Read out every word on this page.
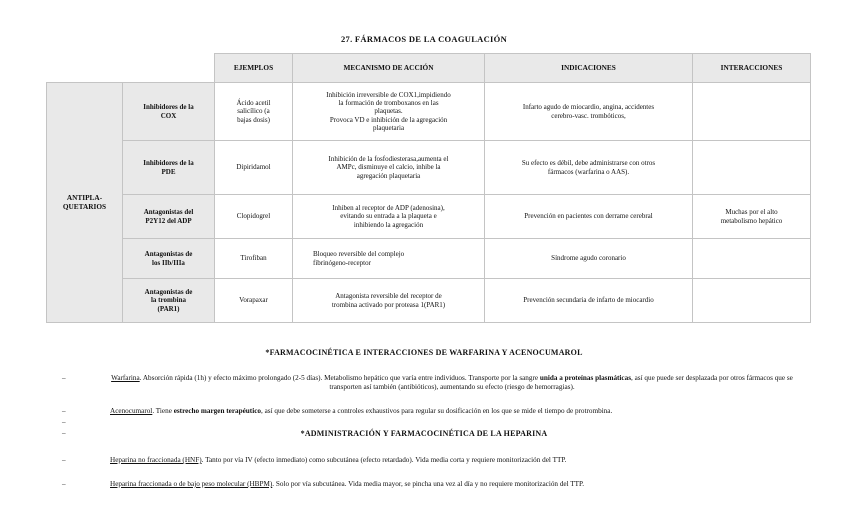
27. FÁRMACOS DE LA COAGULACIÓN
		EJEMPLOS	MECANISMO DE ACCIÓN	INDICACIONES	INTERACCIONES

ANTIPLA-
QUETARIOS	Inhibidores de la
COX	Ácido acetil
salicílico (a
bajas dosis)	Inhibición irreversible de COX1,impidiendo
la formación de tromboxanos en las
plaquetas.
Provoca VD e inhibición de la agregación
plaquetaria	Infarto agudo de miocardio, angina, accidentes
cerebro-vasc. trombóticos,	

	Inhibidores de la
PDE	Dipiridamol	Inhibición de la fosfodiesterasa,aumenta el
AMPc, disminuye el calcio, inhibe la
agregación plaquetaria	Su efecto es débil, debe administrarse con otros
fármacos (warfarina o AAS).	

	Antagonistas del
P2Y12 del ADP	Clopidogrel	Inhiben al receptor de ADP (adenosina),
evitando su entrada a la plaqueta e
inhibiendo la agregación	Prevención en pacientes con derrame cerebral	Muchas por el alto
metabolismo hepático

	Antagonistas de
los IIb/IIIa	Tirofiban	Bloqueo reversible del complejo
fibrinógeno-receptor	Síndrome agudo coronario	

	Antagonistas de
la trombina
(PAR1)	Vorapaxar	Antagonista reversible del receptor de
trombina activado por proteasa 1(PAR1)	Prevención secundaria de infarto de miocardio	

*FARMACOCINÉTICA E INTERACCIONES DE WARFARINA Y ACENOCUMAROL
–	Warfarina. Absorción rápida (1h) y efecto máximo prolongado (2-5 días). Metabolismo hepático que varía entre individuos. Transporte por la sangre unida a proteínas plasmáticas, así que puede ser desplazada por otros fármacos que se transporten así también (antibióticos), aumentando su efecto (riesgo de hemorragias).
–	Acenocumarol. Tiene estrecho margen terapéutico, así que debe someterse a controles exhaustivos para regular su dosificación en los que se mide el tiempo de protrombina.
–
–	*ADMINISTRACIÓN Y FARMACOCINÉTICA DE LA HEPARINA
–	Heparina no fraccionada (HNF). Tanto por vía IV (efecto inmediato) como subcutánea (efecto retardado). Vida media corta y requiere monitorización del TTP.
–	Heparina fraccionada o de bajo peso molecular (HBPM). Solo por vía subcutánea. Vida media mayor, se pincha una vez al día y no requiere monitorización del TTP.
